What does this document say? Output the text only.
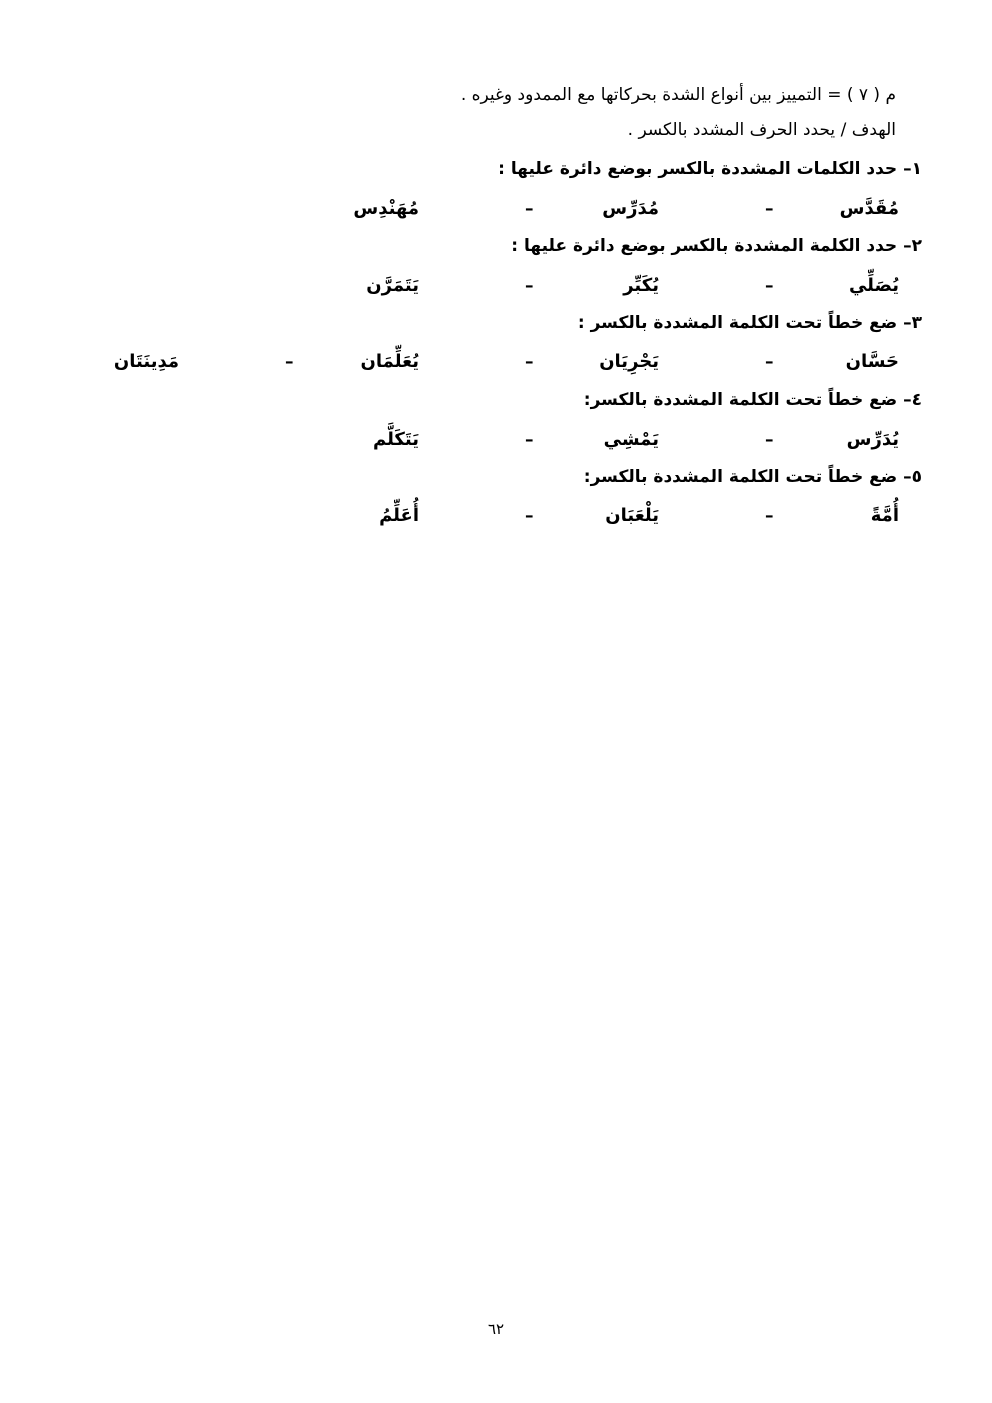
م ( ٧ ) = التمييز بين أنواع الشدة بحركاتها مع الممدود وغيره .
الهدف / يحدد الحرف المشدد بالكسر .
١– حدد الكلمات المشددة بالكسر بوضع دائرة عليها :
مُقَدَّس
–
مُدَرِّس
–
مُهَنْدِس
٢– حدد الكلمة المشددة بالكسر بوضع دائرة عليها :
يُصَلِّي
–
يُكَبِّر
–
يَتَمَرَّن
٣– ضع خطاً تحت الكلمة المشددة بالكسر :
حَسَّان
–
يَجْرِيَان
–
يُعَلِّمَان
–
مَدِينَتَان
٤– ضع خطاً تحت الكلمة المشددة بالكسر:
يُدَرِّس
–
يَمْشِي
–
يَتَكَلَّم
٥– ضع خطاً تحت الكلمة المشددة بالكسر:
أُمَّةً
–
يَلْعَبَان
–
أُعَلِّمُ
٦٢
